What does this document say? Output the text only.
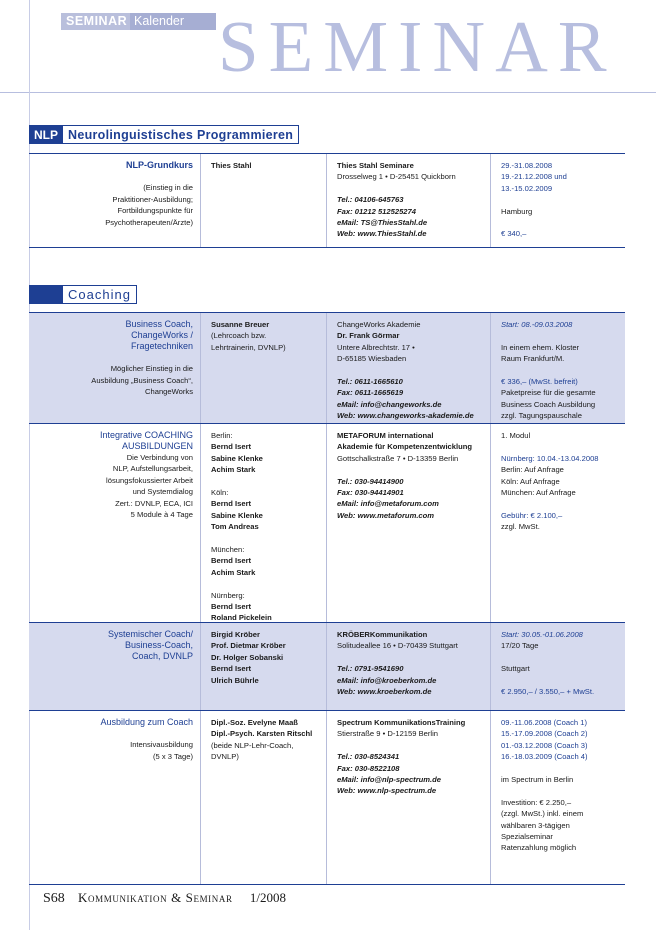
SEMINAR Kalender SEMINAR
NLP Neurolinguistisches Programmieren
NLP-Grundkurs
(Einstieg in die
Praktitioner-Ausbildung;
Fortbildungspunkte für
Psychotherapeuten/Ärzte)
Thies Stahl	Thies Stahl Seminare
Drosselweg 1 • D-25451 Quickborn
Tel.: 04106-645763
Fax: 01212 512525274
eMail: TS@ThiesStahl.de
Web: www.ThiesStahl.de
29.-31.08.2008
19.-21.12.2008 und
13.-15.02.2009
Hamburg
€ 340,–
Coaching
Business Coach,
ChangeWorks /
Fragetechniken
Möglicher Einstieg in die
Ausbildung „Business Coach“,
ChangeWorks
Susanne Breuer
(Lehrcoach bzw.
Lehrtrainerin, DVNLP)
ChangeWorks Akademie
Dr. Frank Görmar
Untere Albrechtstr. 17 •
D-65185 Wiesbaden
Tel.: 0611-1665610
Fax: 0611-1665619
eMail: info@changeworks.de
Web: www.changeworks-akademie.de
Start: 08.-09.03.2008
In einem ehem. Kloster
Raum Frankfurt/M.
€ 336,– (MwSt. befreit)
Paketpreise für die gesamte
Business Coach Ausbildung
zzgl. Tagungspauschale
Integrative COACHING
AUSBILDUNGEN
Die Verbindung von
NLP, Aufstellungsarbeit,
lösungsfokussierter Arbeit
und Systemdialog
Zert.: DVNLP, ECA, ICI
5 Module à 4 Tage
Berlin:
Bernd Isert
Sabine Klenke
Achim Stark
Köln:
Bernd Isert
Sabine Klenke
Tom Andreas
München:
Bernd Isert
Achim Stark
Nürnberg:
Bernd Isert
Roland Pickelein
METAFORUM international
Akademie für Kompetenzentwicklung
Gottschalkstraße 7 • D-13359 Berlin
Tel.: 030-94414900
Fax: 030-94414901
eMail: info@metaforum.com
Web: www.metaforum.com
1. Modul
Nürnberg: 10.04.-13.04.2008
Berlin: Auf Anfrage
Köln: Auf Anfrage
München: Auf Anfrage
Gebühr: € 2.100,–
zzgl. MwSt.
Systemischer Coach/
Business-Coach,
Coach, DVNLP
Birgid Kröber
Prof. Dietmar Kröber
Dr. Holger Sobanski
Bernd Isert
Ulrich Bührle
KRÖBERKommunikation
Solitudeallee 16 • D-70439 Stuttgart
Tel.: 0791-9541690
eMail: info@kroeberkom.de
Web: www.kroeberkom.de
Start: 30.05.-01.06.2008
17/20 Tage
Stuttgart
€ 2.950,– / 3.550,– + MwSt.
Ausbildung zum Coach
Intensivausbildung
(5 x 3 Tage)
Dipl.-Soz. Evelyne Maaß
Dipl.-Psych. Karsten Ritschl
(beide NLP-Lehr-Coach,
DVNLP)
Spectrum KommunikationsTraining
Stierstraße 9 • D-12159 Berlin
Tel.: 030-8524341
Fax: 030-8522108
eMail: info@nlp-spectrum.de
Web: www.nlp-spectrum.de
09.-11.06.2008 (Coach 1)
15.-17.09.2008 (Coach 2)
01.-03.12.2008 (Coach 3)
16.-18.03.2009 (Coach 4)
im Spectrum in Berlin
Investition: € 2.250,–
(zzgl. MwSt.) inkl. einem
wählbaren 3-tägigen
Spezialseminar
Ratenzahlung möglich
S68 Kommunikation & Seminar 1/2008
